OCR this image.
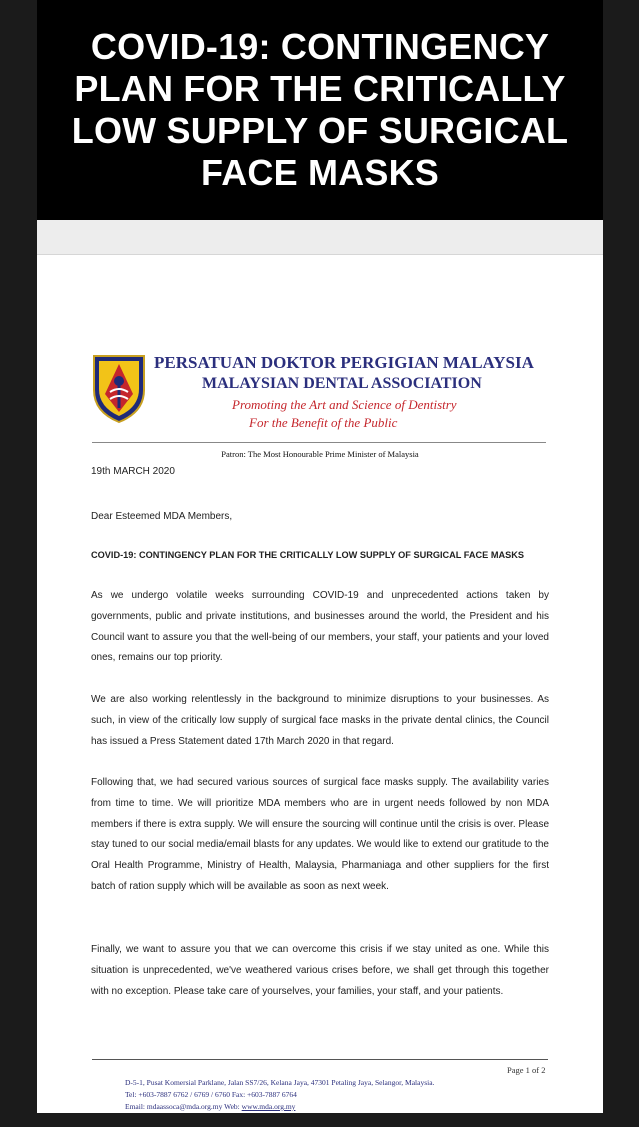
COVID-19: CONTINGENCY PLAN FOR THE CRITICALLY LOW SUPPLY OF SURGICAL FACE MASKS
PERSATUAN DOKTOR PERGIGIAN MALAYSIA
MALAYSIAN DENTAL ASSOCIATION
Promoting the Art and Science of Dentistry
For the Benefit of the Public
Patron: The Most Honourable Prime Minister of Malaysia
19th MARCH 2020
Dear Esteemed MDA Members,
COVID-19: CONTINGENCY PLAN FOR THE CRITICALLY LOW SUPPLY OF SURGICAL FACE MASKS

As we undergo volatile weeks surrounding COVID-19 and unprecedented actions taken by governments, public and private institutions, and businesses around the world, the President and his Council want to assure you that the well-being of our members, your staff, your patients and your loved ones, remains our top priority.

We are also working relentlessly in the background to minimize disruptions to your businesses. As such, in view of the critically low supply of surgical face masks in the private dental clinics, the Council has issued a Press Statement dated 17th March 2020 in that regard.

Following that, we had secured various sources of surgical face masks supply. The availability varies from time to time. We will prioritize MDA members who are in urgent needs followed by non MDA members if there is extra supply. We will ensure the sourcing will continue until the crisis is over. Please stay tuned to our social media/email blasts for any updates. We would like to extend our gratitude to the Oral Health Programme, Ministry of Health, Malaysia, Pharmaniaga and other suppliers for the first batch of ration supply which will be available as soon as next week.

Finally, we want to assure you that we can overcome this crisis if we stay united as one. While this situation is unprecedented, we've weathered various crises before, we shall get through this together with no exception. Please take care of yourselves, your families, your staff, and your patients.

Page 1 of 2
D-5-1, Pusat Komersial Parklane, Jalan SS7/26, Kelana Jaya, 47301 Petaling Jaya, Selangor, Malaysia.
Tel: +603-7887 6762 / 6769 / 6760 Fax: +603-7887 6764
Email: mdaassoca@mda.org.my Web: www.mda.org.my
